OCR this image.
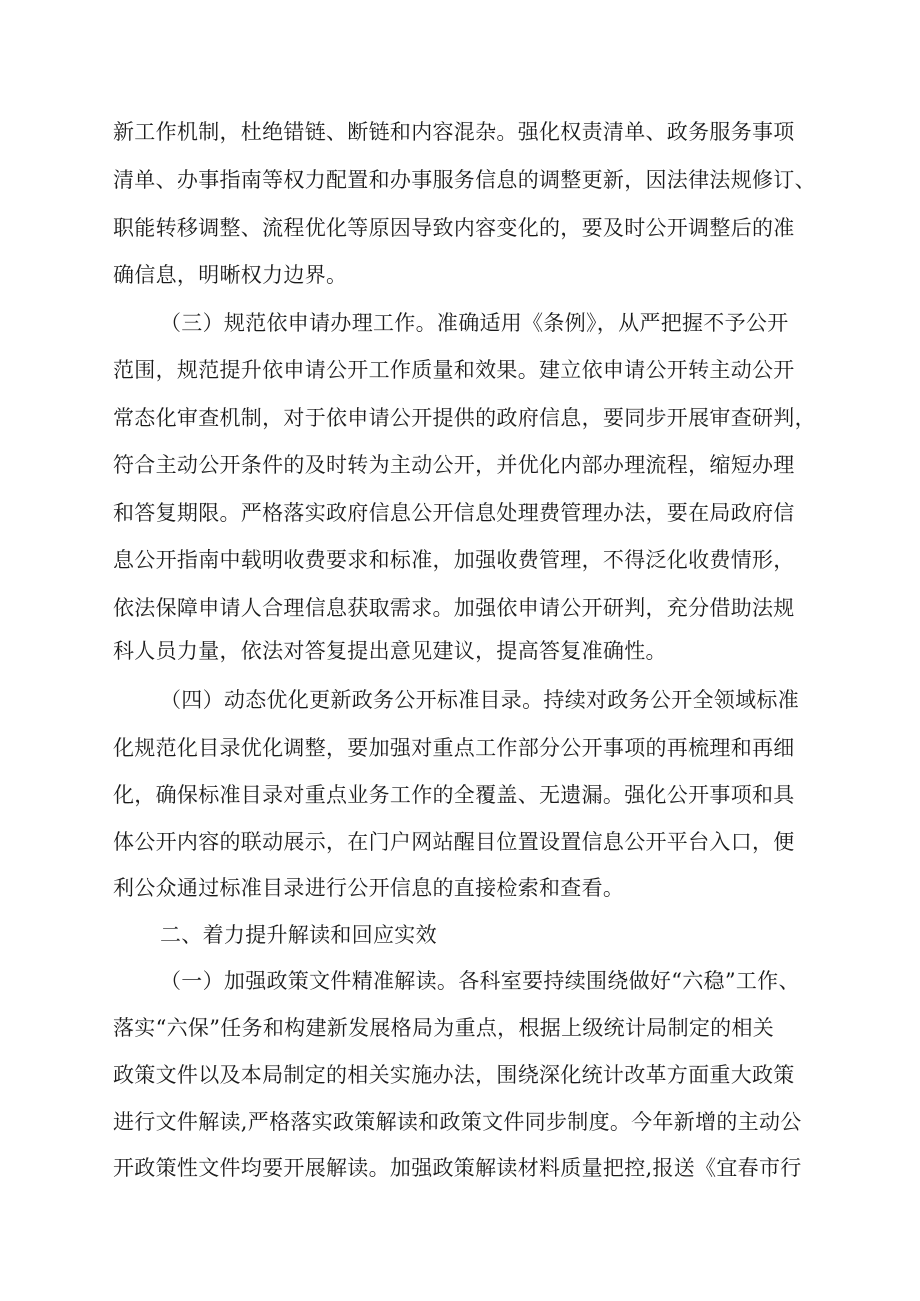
新工作机制，杜绝错链、断链和内容混杂。强化权责清单、政务服务事项
清单、办事指南等权力配置和办事服务信息的调整更新，因法律法规修订、
职能转移调整、流程优化等原因导致内容变化的，要及时公开调整后的准
确信息，明晰权力边界。
（三）规范依申请办理工作。准确适用《条例》，从严把握不予公开
范围，规范提升依申请公开工作质量和效果。建立依申请公开转主动公开
常态化审查机制，对于依申请公开提供的政府信息，要同步开展审查研判，
符合主动公开条件的及时转为主动公开，并优化内部办理流程，缩短办理
和答复期限。严格落实政府信息公开信息处理费管理办法，要在局政府信
息公开指南中载明收费要求和标准，加强收费管理，不得泛化收费情形，
依法保障申请人合理信息获取需求。加强依申请公开研判，充分借助法规
科人员力量，依法对答复提出意见建议，提高答复准确性。
（四）动态优化更新政务公开标准目录。持续对政务公开全领域标准
化规范化目录优化调整，要加强对重点工作部分公开事项的再梳理和再细
化，确保标准目录对重点业务工作的全覆盖、无遗漏。强化公开事项和具
体公开内容的联动展示，在门户网站醒目位置设置信息公开平台入口，便
利公众通过标准目录进行公开信息的直接检索和查看。
二、着力提升解读和回应实效
（一）加强政策文件精准解读。各科室要持续围绕做好“六稳”工作、
落实“六保”任务和构建新发展格局为重点，根据上级统计局制定的相关
政策文件以及本局制定的相关实施办法，围绕深化统计改革方面重大政策
进行文件解读,严格落实政策解读和政策文件同步制度。今年新增的主动公
开政策性文件均要开展解读。加强政策解读材料质量把控,报送《宜春市行
